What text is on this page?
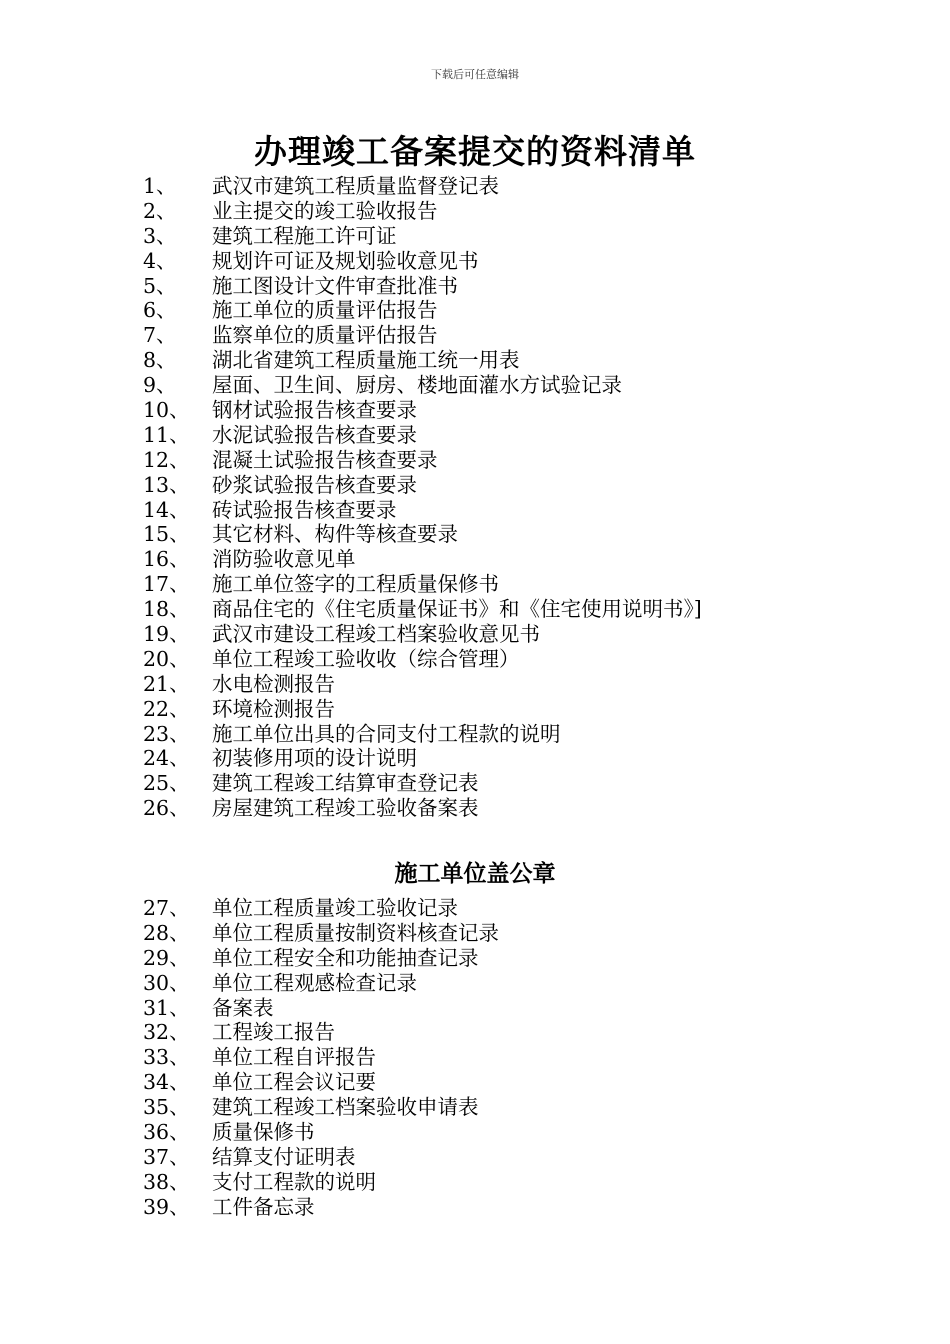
下载后可任意编辑
办理竣工备案提交的资料清单
1、 武汉市建筑工程质量监督登记表
2、 业主提交的竣工验收报告
3、 建筑工程施工许可证
4、 规划许可证及规划验收意见书
5、 施工图设计文件审查批准书
6、 施工单位的质量评估报告
7、 监察单位的质量评估报告
8、 湖北省建筑工程质量施工统一用表
9、 屋面、卫生间、厨房、楼地面灌水方试验记录
10、 钢材试验报告核查要录
11、 水泥试验报告核查要录
12、 混凝土试验报告核查要录
13、 砂浆试验报告核查要录
14、 砖试验报告核查要录
15、 其它材料、构件等核查要录
16、 消防验收意见单
17、 施工单位签字的工程质量保修书
18、 商品住宅的《住宅质量保证书》和《住宅使用说明书》]
19、 武汉市建设工程竣工档案验收意见书
20、 单位工程竣工验收收（综合管理）
21、 水电检测报告
22、 环境检测报告
23、 施工单位出具的合同支付工程款的说明
24、 初装修用项的设计说明
25、 建筑工程竣工结算审查登记表
26、 房屋建筑工程竣工验收备案表
施工单位盖公章
27、 单位工程质量竣工验收记录
28、 单位工程质量按制资料核查记录
29、 单位工程安全和功能抽查记录
30、 单位工程观感检查记录
31、 备案表
32、 工程竣工报告
33、 单位工程自评报告
34、 单位工程会议记要
35、 建筑工程竣工档案验收申请表
36、 质量保修书
37、 结算支付证明表
38、 支付工程款的说明
39、 工件备忘录
